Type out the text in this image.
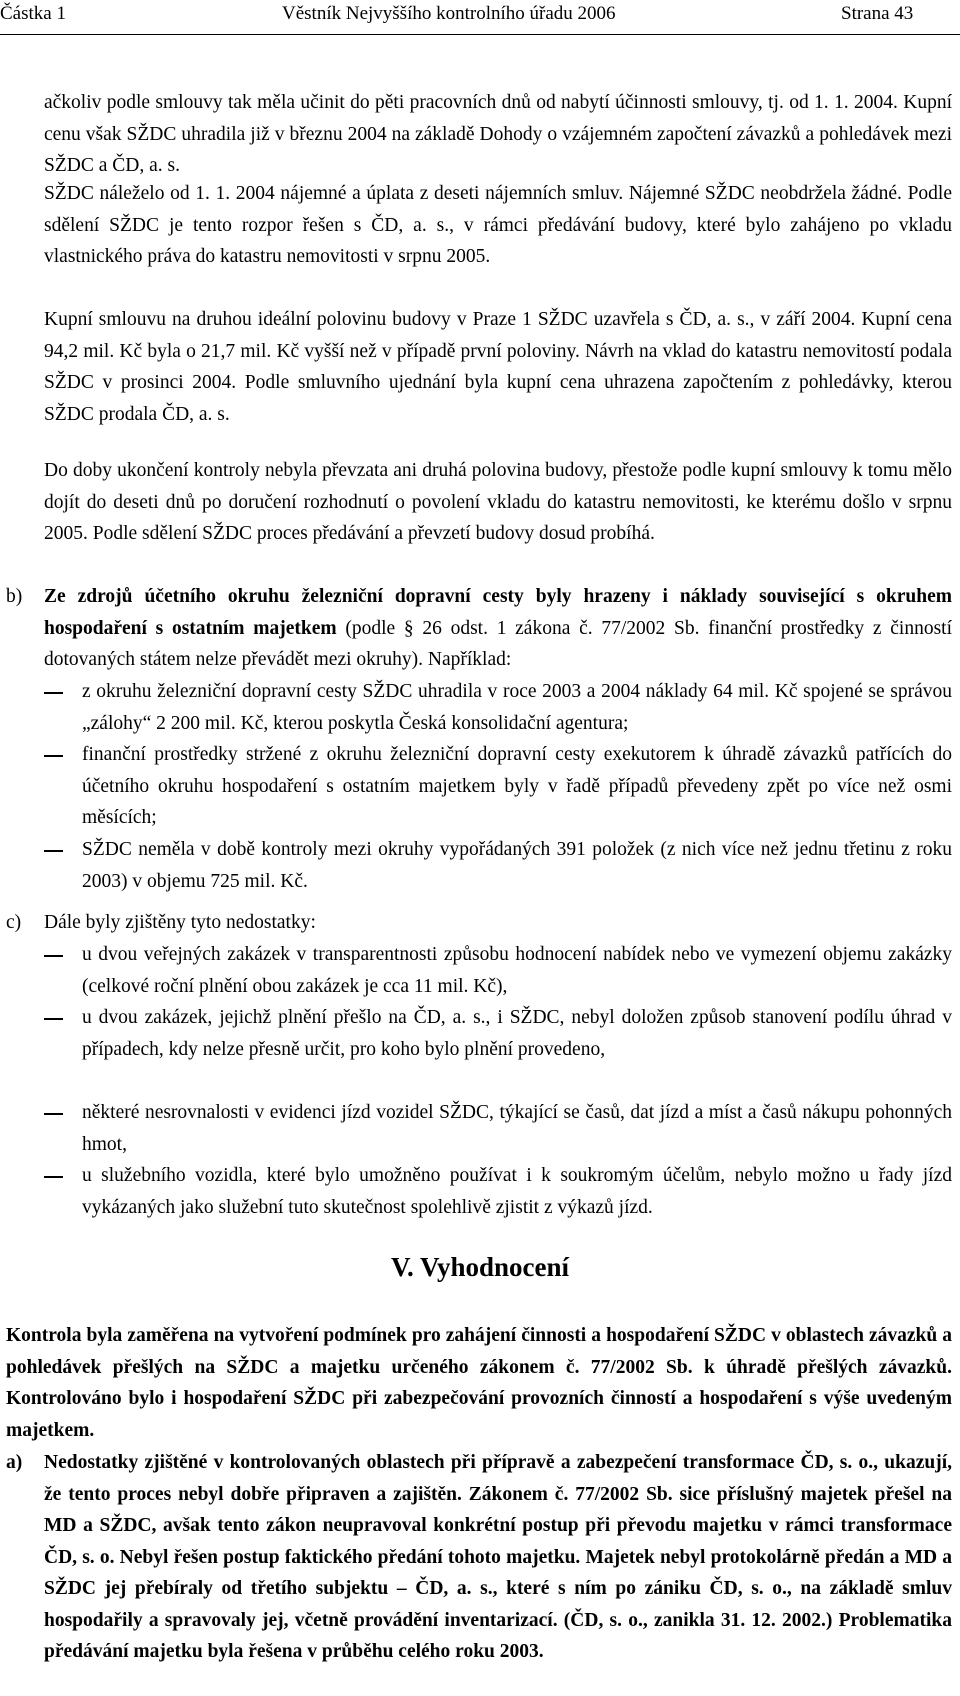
Částka 1	Věstník Nejvyššího kontrolního úřadu 2006	Strana 43

ačkoliv podle smlouvy tak měla učinit do pěti pracovních dnů od nabytí účinnosti smlouvy, tj. od 1. 1. 2004. Kupní cenu však SŽDC uhradila již v březnu 2004 na základě Dohody o vzájemném započtení závazků a pohledávek mezi SŽDC a ČD, a. s.

SŽDC náleželo od 1. 1. 2004 nájemné a úplata z deseti nájemních smluv. Nájemné SŽDC neobdržela žádné. Podle sdělení SŽDC je tento rozpor řešen s ČD, a. s., v rámci předávání budovy, které bylo zahájeno po vkladu vlastnického práva do katastru nemovitosti v srpnu 2005.

Kupní smlouvu na druhou ideální polovinu budovy v Praze 1 SŽDC uzavřela s ČD, a. s., v září 2004. Kupní cena 94,2 mil. Kč byla o 21,7 mil. Kč vyšší než v případě první poloviny. Návrh na vklad do katastru nemovitostí podala SŽDC v prosinci 2004. Podle smluvního ujednání byla kupní cena uhrazena započtením z pohledávky, kterou SŽDC prodala ČD, a. s.

Do doby ukončení kontroly nebyla převzata ani druhá polovina budovy, přestože podle kupní smlouvy k tomu mělo dojít do deseti dnů po doručení rozhodnutí o povolení vkladu do katastru nemovitosti, ke kterému došlo v srpnu 2005. Podle sdělení SŽDC proces předávání a převzetí budovy dosud probíhá.

b) Ze zdrojů účetního okruhu železniční dopravní cesty byly hrazeny i náklady související s okruhem hospodaření s ostatním majetkem (podle § 26 odst. 1 zákona č. 77/2002 Sb. finanční prostředky z činností dotovaných státem nelze převádět mezi okruhy). Například:
z okruhu železniční dopravní cesty SŽDC uhradila v roce 2003 a 2004 náklady 64 mil. Kč spojené se správou „zálohy“ 2 200 mil. Kč, kterou poskytla Česká konsolidační agentura;
finanční prostředky stržené z okruhu železniční dopravní cesty exekutorem k úhradě závazků patřících do účetního okruhu hospodaření s ostatním majetkem byly v řadě případů převedeny zpět po více než osmi měsících;
SŽDC neměla v době kontroly mezi okruhy vypořádaných 391 položek (z nich více než jednu třetinu z roku 2003) v objemu 725 mil. Kč.
c) Dále byly zjištěny tyto nedostatky:
u dvou veřejných zakázek v transparentnosti způsobu hodnocení nabídek nebo ve vymezení objemu zakázky (celkové roční plnění obou zakázek je cca 11 mil. Kč),
u dvou zakázek, jejichž plnění přešlo na ČD, a. s., i SŽDC, nebyl doložen způsob stanovení podílu úhrad v případech, kdy nelze přesně určit, pro koho bylo plnění provedeno,
některé nesrovnalosti v evidenci jízd vozidel SŽDC, týkající se časů, dat jízd a míst a časů nákupu pohonných hmot,
u služebního vozidla, které bylo umožněno používat i k soukromým účelům, nebylo možno u řady jízd vykázaných jako služební tuto skutečnost spolehlivě zjistit z výkazů jízd.
V. Vyhodnocení

Kontrola byla zaměřena na vytvoření podmínek pro zahájení činnosti a hospodaření SŽDC v oblastech závazků a pohledávek přešlých na SŽDC a majetku určeného zákonem č. 77/2002 Sb. k úhradě přešlých závazků. Kontrolováno bylo i hospodaření SŽDC při zabezpečování provozních činností a hospodaření s výše uvedeným majetkem.

a) Nedostatky zjištěné v kontrolovaných oblastech při přípravě a zabezpečení transformace ČD, s. o., ukazují, že tento proces nebyl dobře připraven a zajištěn. Zákonem č. 77/2002 Sb. sice příslušný majetek přešel na MD a SŽDC, avšak tento zákon neupravoval konkrétní postup při převodu majetku v rámci transformace ČD, s. o. Nebyl řešen postup faktického předání tohoto majetku. Majetek nebyl protokolárně předán a MD a SŽDC jej přebíraly od třetího subjektu – ČD, a. s., které s ním po zániku ČD, s. o., na základě smluv hospodařily a spravovaly jej, včetně provádění inventarizací. (ČD, s. o., zanikla 31. 12. 2002.) Problematika předávání majetku byla řešena v průběhu celého roku 2003.
